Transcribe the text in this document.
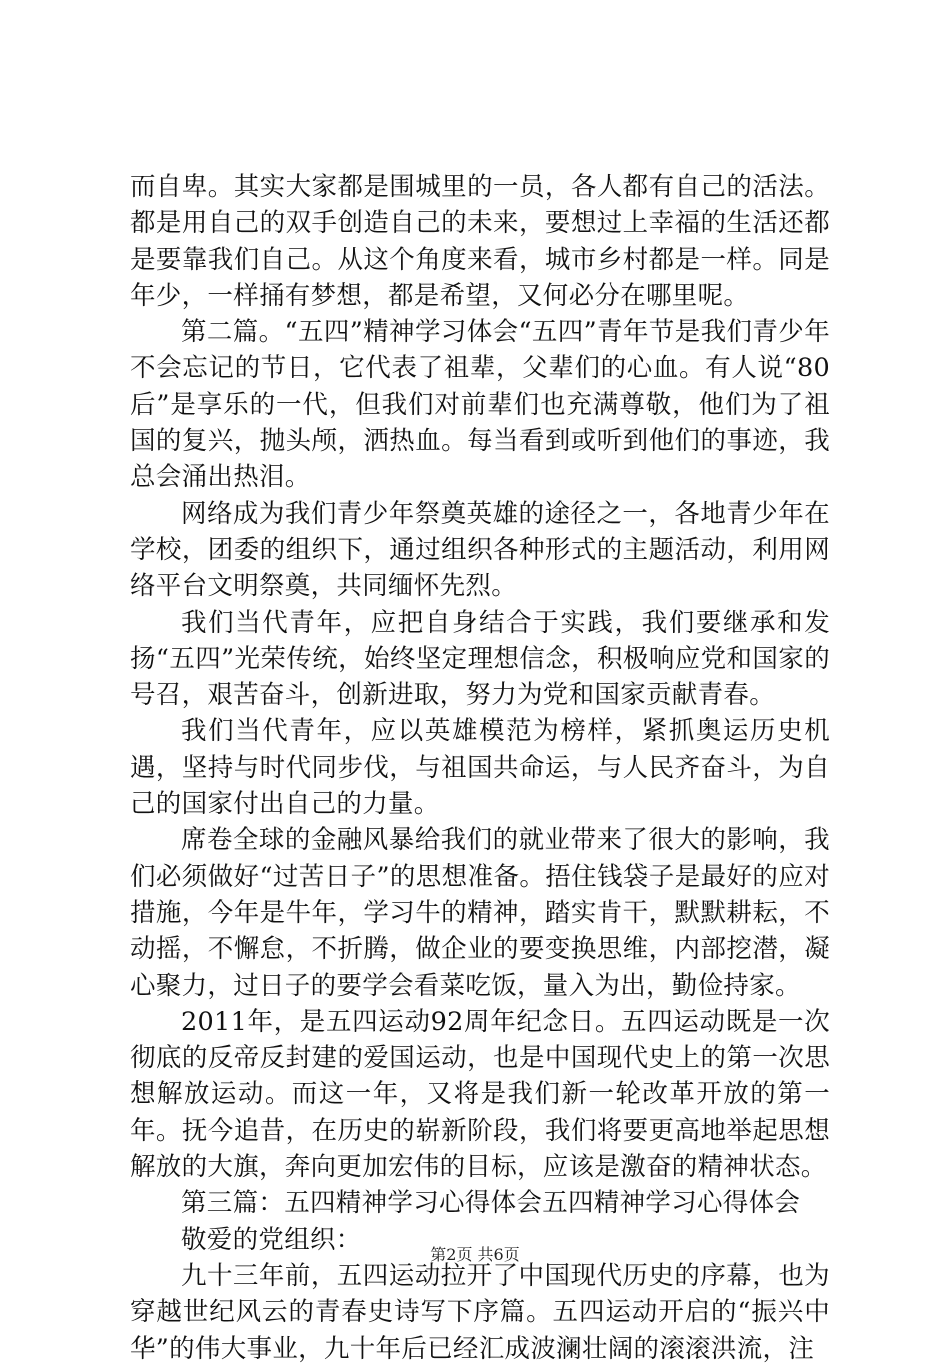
而自卑。其实大家都是围城里的一员，各人都有自己的活法。都是用自己的双手创造自己的未来，要想过上幸福的生活还都是要靠我们自己。从这个角度来看，城市乡村都是一样。同是年少，一样捅有梦想，都是希望，又何必分在哪里呢。

第二篇。“五四”精神学习体会“五四”青年节是我们青少年不会忘记的节日，它代表了祖辈，父辈们的心血。有人说“80后”是享乐的一代，但我们对前辈们也充满尊敬，他们为了祖国的复兴，抛头颅，洒热血。每当看到或听到他们的事迹，我总会涌出热泪。

网络成为我们青少年祭奠英雄的途径之一，各地青少年在学校，团委的组织下，通过组织各种形式的主题活动，利用网络平台文明祭奠，共同缅怀先烈。

我们当代青年，应把自身结合于实践，我们要继承和发扬“五四”光荣传统，始终坚定理想信念，积极响应党和国家的号召，艰苦奋斗，创新进取，努力为党和国家贡献青春。

我们当代青年，应以英雄模范为榜样，紧抓奥运历史机遇，坚持与时代同步伐，与祖国共命运，与人民齐奋斗，为自己的国家付出自己的力量。

席卷全球的金融风暴给我们的就业带来了很大的影响，我们必须做好“过苦日子”的思想准备。捂住钱袋子是最好的应对措施，今年是牛年，学习牛的精神，踏实肯干，默默耕耘，不动摇，不懈怠，不折腾，做企业的要变换思维，内部挖潜，凝心聚力，过日子的要学会看菜吃饭，量入为出，勤俭持家。

2011年，是五四运动92周年纪念日。五四运动既是一次彻底的反帝反封建的爱国运动，也是中国现代史上的第一次思想解放运动。而这一年，又将是我们新一轮改革开放的第一年。抚今追昔，在历史的崭新阶段，我们将要更高地举起思想解放的大旗，奔向更加宏伟的目标，应该是激奋的精神状态。

第三篇：五四精神学习心得体会五四精神学习心得体会

敬爱的党组织：

九十三年前，五四运动拉开了中国现代历史的序幕，也为穿越世纪风云的青春史诗写下序篇。五四运动开启的“振兴中华”的伟大事业，九十年后已经汇成波澜壮阔的滚滚洪流，注

第2页 共6页
